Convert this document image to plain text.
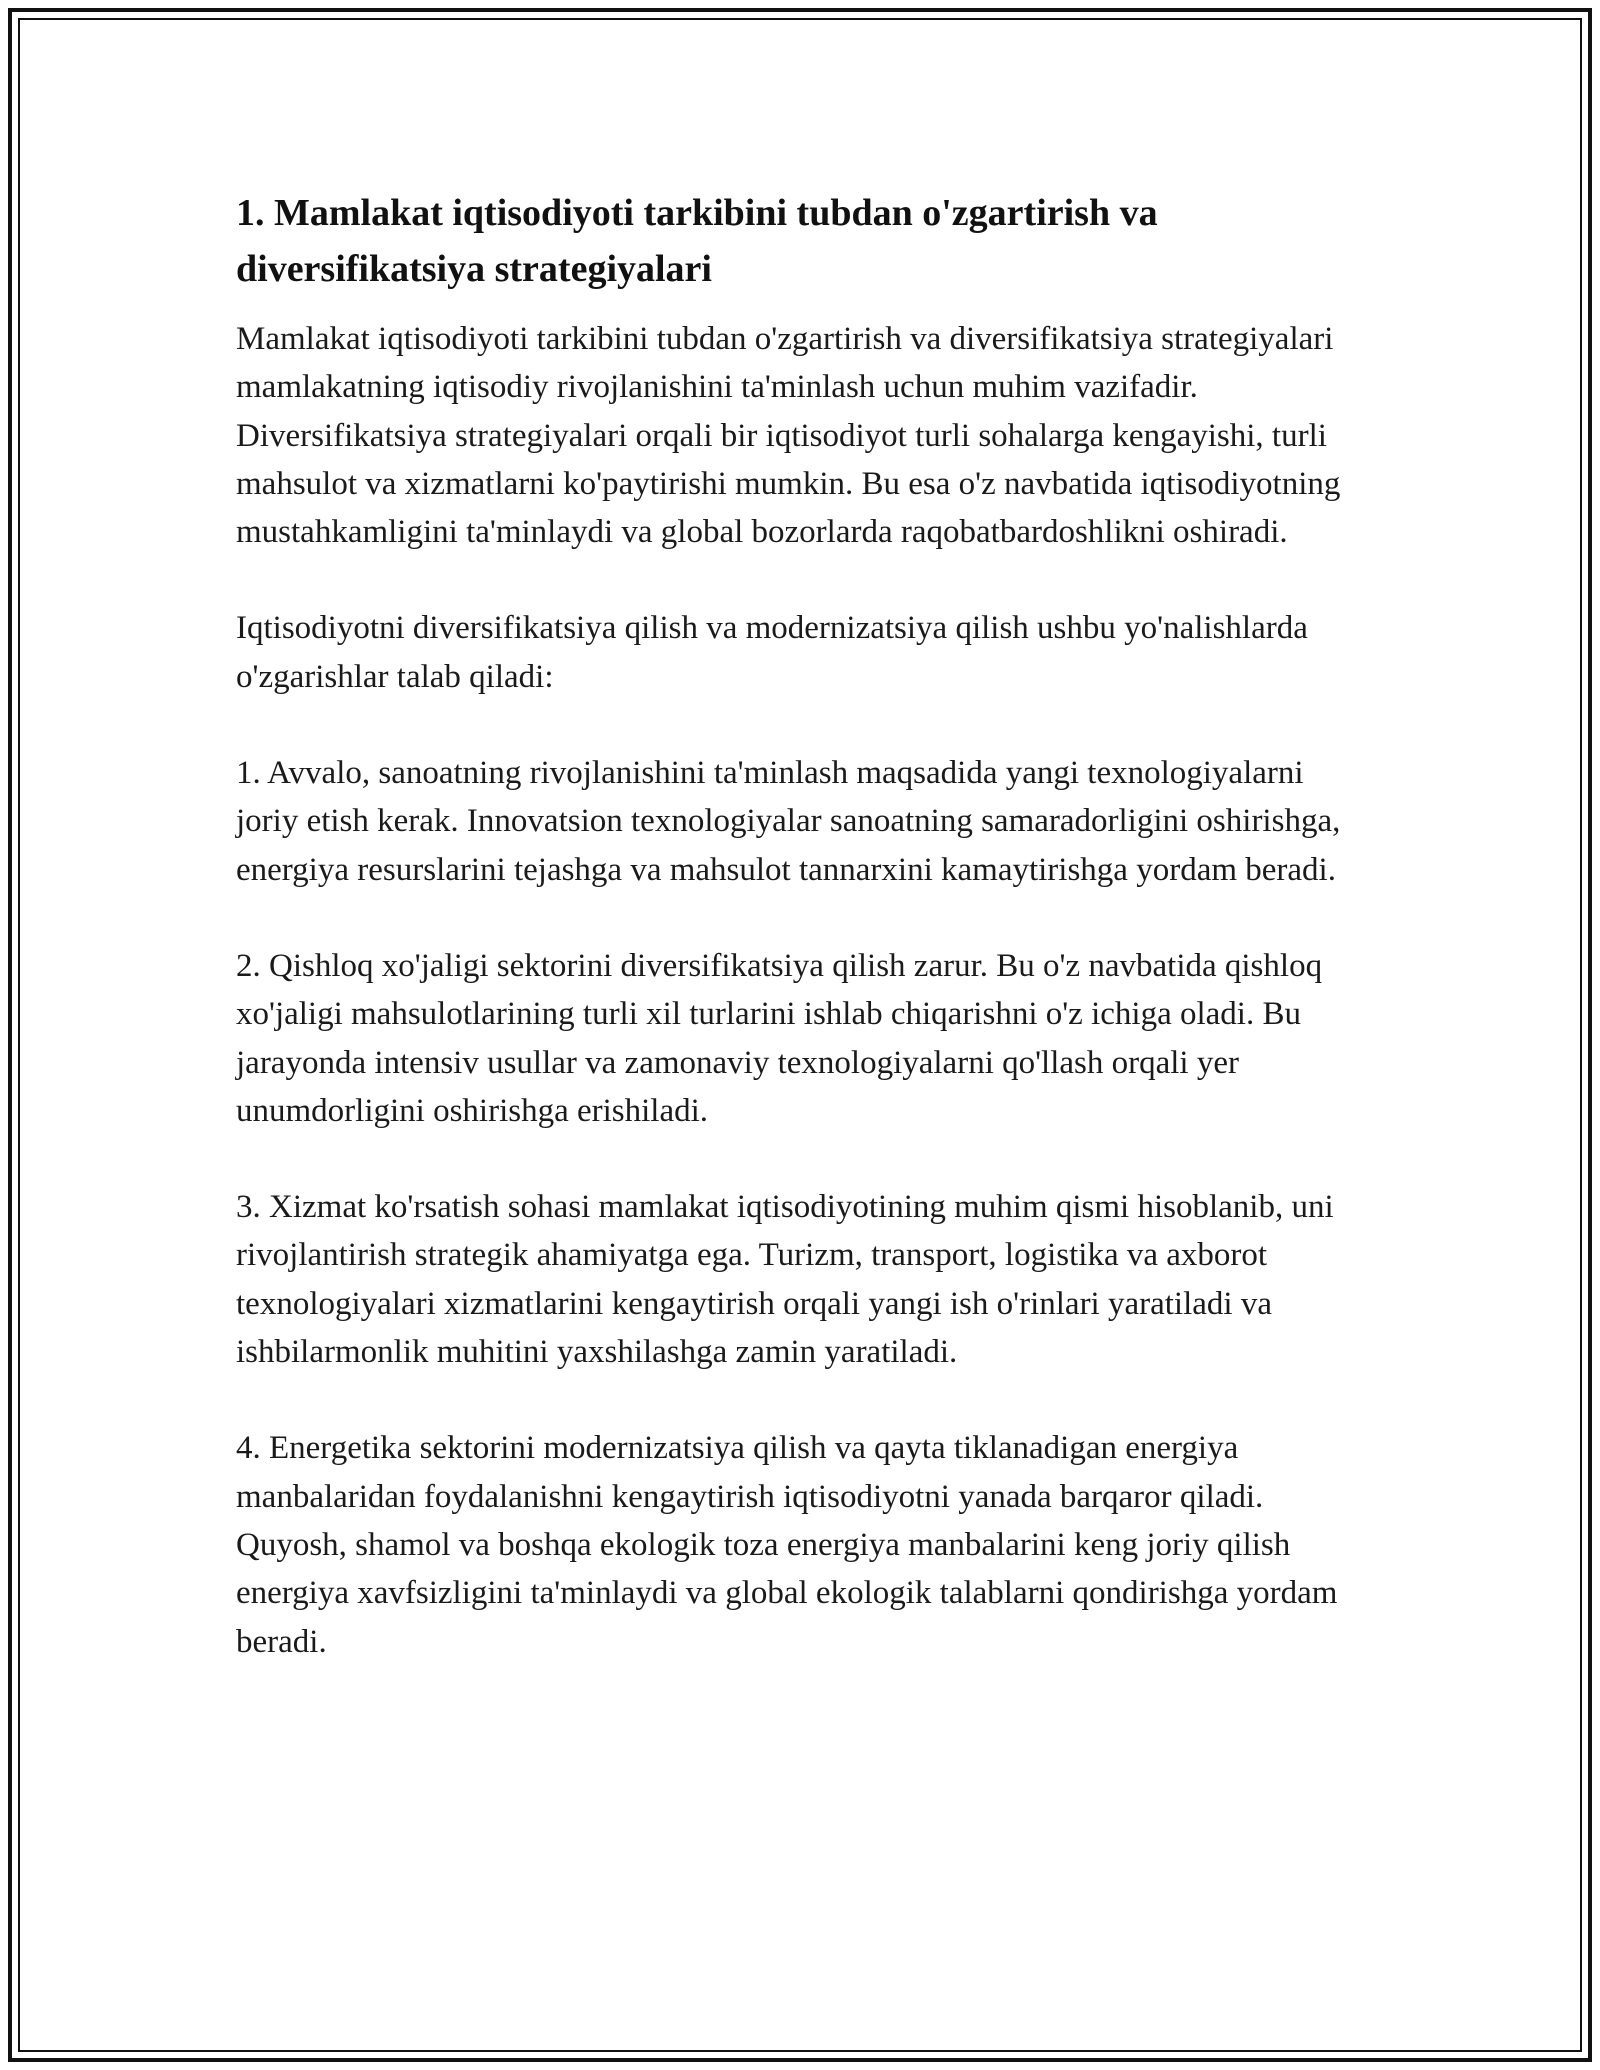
1. Mamlakat iqtisodiyoti tarkibini tubdan o'zgartirish va diversifikatsiya strategiyalari

Mamlakat iqtisodiyoti tarkibini tubdan o'zgartirish va diversifikatsiya strategiyalari mamlakatning iqtisodiy rivojlanishini ta'minlash uchun muhim vazifadir. Diversifikatsiya strategiyalari orqali bir iqtisodiyot turli sohalarga kengayishi, turli mahsulot va xizmatlarni ko'paytirishi mumkin. Bu esa o'z navbatida iqtisodiyotning mustahkamligini ta'minlaydi va global bozorlarda raqobatbardoshlikni oshiradi.

Iqtisodiyotni diversifikatsiya qilish va modernizatsiya qilish ushbu yo'nalishlarda o'zgarishlar talab qiladi:

1. Avvalo, sanoatning rivojlanishini ta'minlash maqsadida yangi texnologiyalarni joriy etish kerak. Innovatsion texnologiyalar sanoatning samaradorligini oshirishga, energiya resurslarini tejashga va mahsulot tannarxini kamaytirishga yordam beradi.

2. Qishloq xo'jaligi sektorini diversifikatsiya qilish zarur. Bu o'z navbatida qishloq xo'jaligi mahsulotlarining turli xil turlarini ishlab chiqarishni o'z ichiga oladi. Bu jarayonda intensiv usullar va zamonaviy texnologiyalarni qo'llash orqali yer unumdorligini oshirishga erishiladi.

3. Xizmat ko'rsatish sohasi mamlakat iqtisodiyotining muhim qismi hisoblanib, uni rivojlantirish strategik ahamiyatga ega. Turizm, transport, logistika va axborot texnologiyalari xizmatlarini kengaytirish orqali yangi ish o'rinlari yaratiladi va ishbilarmonlik muhitini yaxshilashga zamin yaratiladi.

4. Energetika sektorini modernizatsiya qilish va qayta tiklanadigan energiya manbalaridan foydalanishni kengaytirish iqtisodiyotni yanada barqaror qiladi. Quyosh, shamol va boshqa ekologik toza energiya manbalarini keng joriy qilish energiya xavfsizligini ta'minlaydi va global ekologik talablarni qondirishga yordam beradi.
